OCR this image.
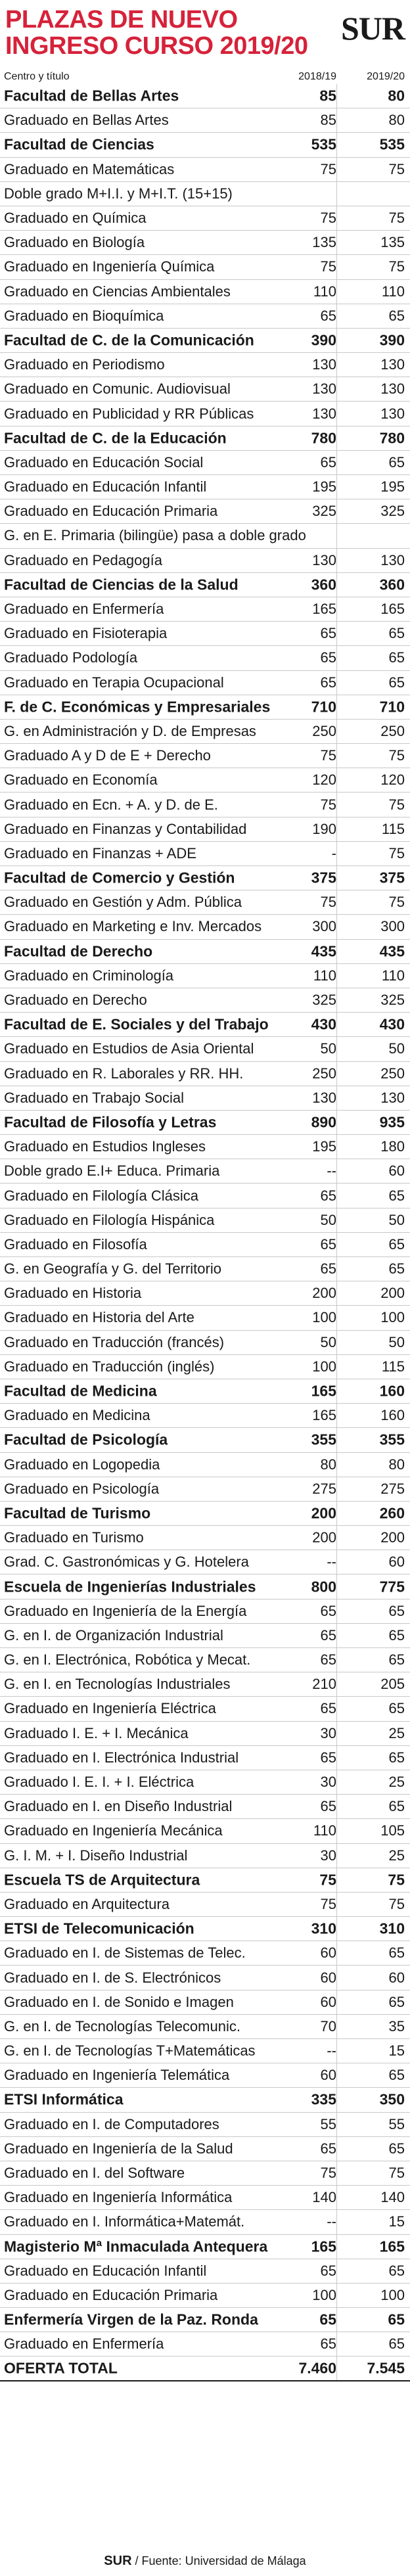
PLAZAS DE NUEVO
INGRESO CURSO 2019/20 SUR
Centro y título	2018/19	2019/20
Facultad de Bellas Artes	85	80
Graduado en Bellas Artes	85	80
Facultad de Ciencias	535	535
Graduado en Matemáticas	75	75
Doble grado M+I.I. y M+I.T. (15+15)
Graduado en Química	75	75
Graduado en Biología	135	135
Graduado en Ingeniería Química	75	75
Graduado en Ciencias Ambientales	110	110
Graduado en Bioquímica	65	65
Facultad de C. de la Comunicación	390	390
Graduado en Periodismo	130	130
Graduado en Comunic. Audiovisual	130	130
Graduado en Publicidad y RR Públicas	130	130
Facultad de C. de la Educación	780	780
Graduado en Educación Social	65	65
Graduado en Educación Infantil	195	195
Graduado en Educación Primaria	325	325
G. en E. Primaria (bilingüe) pasa a doble grado
Graduado en Pedagogía	130	130
Facultad de Ciencias de la Salud	360	360
Graduado en Enfermería	165	165
Graduado en Fisioterapia	65	65
Graduado Podología	65	65
Graduado en Terapia Ocupacional	65	65
F. de C. Económicas y Empresariales	710	710
G. en Administración y D. de Empresas	250	250
Graduado A y D de E + Derecho	75	75
Graduado en Economía	120	120
Graduado en Ecn. + A. y D. de E.	75	75
Graduado en Finanzas y Contabilidad	190	115
Graduado en Finanzas + ADE	-	75
Facultad de Comercio y Gestión	375	375
Graduado en Gestión y Adm. Pública	75	75
Graduado en Marketing e Inv. Mercados	300	300
Facultad de Derecho	435	435
Graduado en Criminología	110	110
Graduado en Derecho	325	325
Facultad de E. Sociales y del Trabajo	430	430
Graduado en Estudios de Asia Oriental	50	50
Graduado en R. Laborales y RR. HH.	250	250
Graduado en Trabajo Social	130	130
Facultad de Filosofía y Letras	890	935
Graduado en Estudios Ingleses	195	180
Doble grado E.I+ Educa. Primaria	--	60
Graduado en Filología Clásica	65	65
Graduado en Filología Hispánica	50	50
Graduado en Filosofía	65	65
G. en Geografía y G. del Territorio	65	65
Graduado en Historia	200	200
Graduado en Historia del Arte	100	100
Graduado en Traducción (francés)	50	50
Graduado en Traducción (inglés)	100	115
Facultad de Medicina	165	160
Graduado en Medicina	165	160
Facultad de Psicología	355	355
Graduado en Logopedia	80	80
Graduado en Psicología	275	275
Facultad de Turismo	200	260
Graduado en Turismo	200	200
Grad. C. Gastronómicas y G. Hotelera	--	60
Escuela de Ingenierías Industriales	800	775
Graduado en Ingeniería de la Energía	65	65
G. en I. de Organización Industrial	65	65
G. en I. Electrónica, Robótica y Mecat.	65	65
G. en I. en Tecnologías Industriales	210	205
Graduado en Ingeniería Eléctrica	65	65
Graduado I. E. + I. Mecánica	30	25
Graduado en I. Electrónica Industrial	65	65
Graduado I. E. I. + I. Eléctrica	30	25
Graduado en I. en Diseño Industrial	65	65
Graduado en Ingeniería Mecánica	110	105
G. I. M. + I. Diseño Industrial	30	25
Escuela TS de Arquitectura	75	75
Graduado en Arquitectura	75	75
ETSI de Telecomunicación	310	310
Graduado en I. de Sistemas de Telec.	60	65
Graduado en I. de S. Electrónicos	60	60
Graduado en I. de Sonido e Imagen	60	65
G. en I. de Tecnologías Telecomunic.	70	35
G. en I. de Tecnologías T+Matemáticas	--	15
Graduado en Ingeniería Telemática	60	65
ETSI Informática	335	350
Graduado en I. de Computadores	55	55
Graduado en Ingeniería de la Salud	65	65
Graduado en I. del Software	75	75
Graduado en Ingeniería Informática	140	140
Graduado en I. Informática+Matemát.	--	15
Magisterio Mª Inmaculada Antequera	165	165
Graduado en Educación Infantil	65	65
Graduado en Educación Primaria	100	100
Enfermería Virgen de la Paz. Ronda	65	65
Graduado en Enfermería	65	65
OFERTA TOTAL	7.460 7.545
SUR / Fuente: Universidad de Málaga
